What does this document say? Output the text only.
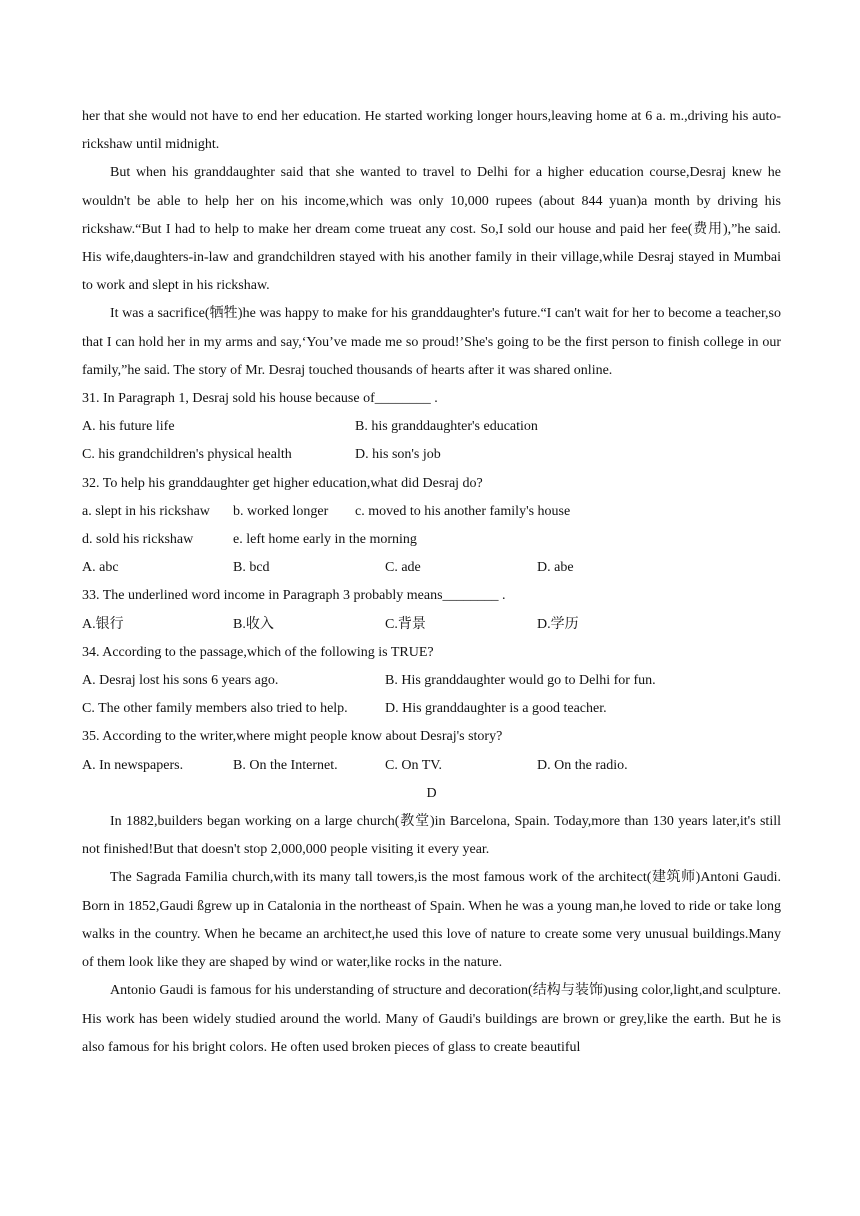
her that she would not have to end her education. He started working longer hours,leaving home at 6 a. m.,driving his auto-rickshaw until midnight.

But when his granddaughter said that she wanted to travel to Delhi for a higher education course,Desraj knew he wouldn't be able to help her on his income,which was only 10,000 rupees (about 844 yuan)a month by driving his rickshaw.“But I had to help to make her dream come trueat any cost. So,I sold our house and paid her fee(费用),”he said. His wife,daughters-in-law and grandchildren stayed with his another family in their village,while Desraj stayed in Mumbai to work and slept in his rickshaw.

It was a sacrifice(牺牲)he was happy to make for his granddaughter's future.“I can't wait for her to become a teacher,so that I can hold her in my arms and say,‘You’ve made me so proud!’She's going to be the first person to finish college in our family,”he said. The story of Mr. Desraj touched thousands of hearts after it was shared online.

31. In Paragraph 1, Desraj sold his house because of________ .

A. his future life	B. his granddaughter's education
C. his grandchildren's physical health	D. his son's job

32. To help his granddaughter get higher education,what did Desraj do?

a. slept in his rickshaw	b. worked longer	c. moved to his another family's house
d. sold his rickshaw	e. left home early in the morning
A. abc	B. bcd	C. ade	D. abe

33. The underlined word income in Paragraph 3 probably means________ .

A.银行	B.收入	C.背景	D.学历

34. According to the passage,which of the following is TRUE?

A. Desraj lost his sons 6 years ago.	B. His granddaughter would go to Delhi for fun.
C. The other family members also tried to help.	D. His granddaughter is a good teacher.

35. According to the writer,where might people know about Desraj's story?

A. In newspapers.	B. On the Internet.	C. On TV.	D. On the radio.

D

In 1882,builders began working on a large church(教堂)in Barcelona, Spain. Today,more than 130 years later,it's still not finished!But that doesn't stop 2,000,000 people visiting it every year.

The Sagrada Familia church,with its many tall towers,is the most famous work of the architect(建筑师)Antoni Gaudi. Born in 1852,Gaudi ßgrew up in Catalonia in the northeast of Spain. When he was a young man,he loved to ride or take long walks in the country. When he became an architect,he used this love of nature to create some very unusual buildings.Many of them look like they are shaped by wind or water,like rocks in the nature.

Antonio Gaudi is famous for his understanding of structure and decoration(结构与装饰)using color,light,and sculpture. His work has been widely studied around the world. Many of Gaudi's buildings are brown or grey,like the earth. But he is also famous for his bright colors. He often used broken pieces of glass to create beautiful
